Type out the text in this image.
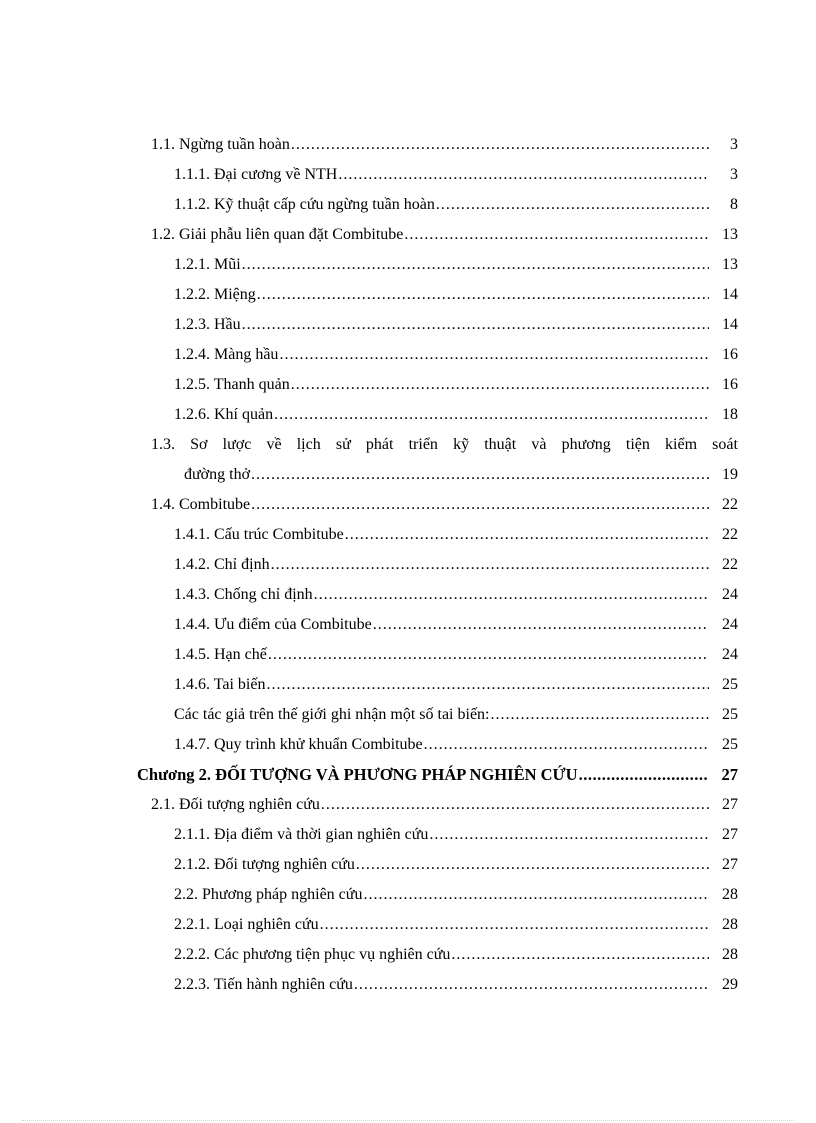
1.1. Ngừng tuần hoàn .....	3
1.1.1. Đại cương về NTH .....	3
1.1.2. Kỹ thuật cấp cứu ngừng tuần hoàn .....	8
1.2. Giải phẫu liên quan đặt Combitube .....	13
1.2.1. Mũi .....	13
1.2.2. Miệng .....	14
1.2.3. Hầu .....	14
1.2.4. Màng hầu .....	16
1.2.5. Thanh quản .....	16
1.2.6. Khí quản .....	18
1.3. Sơ lược về lịch sử phát triển kỹ thuật và phương tiện kiểm soát
đường thở .....	19
1.4. Combitube .....	22
1.4.1. Cấu trúc Combitube .....	22
1.4.2. Chỉ định .....	22
1.4.3. Chống chỉ định .....	24
1.4.4. Ưu điểm của Combitube .....	24
1.4.5. Hạn chế .....	24
1.4.6. Tai biến .....	25
Các tác giả trên thế giới ghi nhận một số tai biến: .....	25
1.4.7. Quy trình khử khuẩn Combitube .....	25
Chương 2. ĐỐI TƯỢNG VÀ PHƯƠNG PHÁP NGHIÊN CỨU .....	27
2.1. Đối tượng nghiên cứu .....	27
2.1.1. Địa điểm và thời gian nghiên cứu .....	27
2.1.2. Đối tượng nghiên cứu .....	27
2.2. Phương pháp nghiên cứu .....	28
2.2.1. Loại nghiên cứu .....	28
2.2.2. Các phương tiện phục vụ nghiên cứu .....	28
2.2.3. Tiến hành nghiên cứu .....	29
